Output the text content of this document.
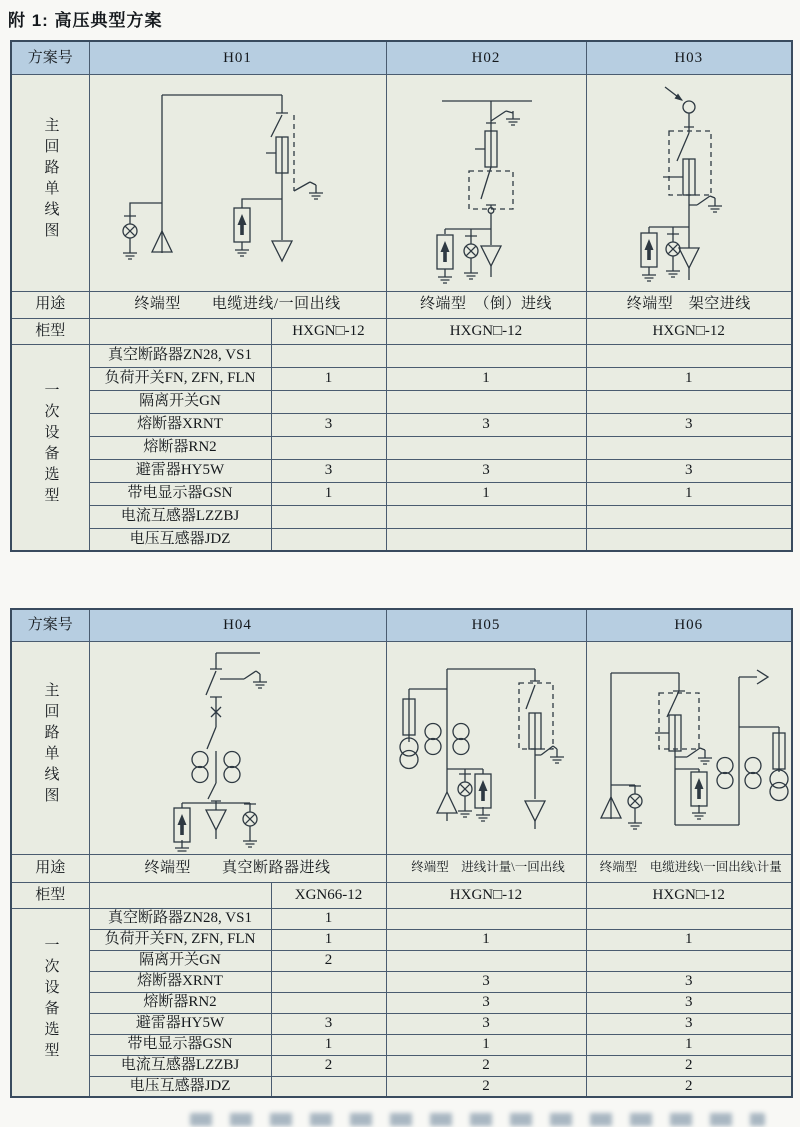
附 1: 高压典型方案
方案号	H01		H02	H03
主回路单线图	

用途	终端型　　电缆进线/一回出线		终端型　（倒）进线	终端型　架空进线
柜型		HXGN□-12	HXGN□-12	HXGN□-12
一次设备选型	真空断路器ZN28, VS1			
	负荷开关FN, ZFN, FLN	1	1	1
	隔离开关GN			
	熔断器XRNT	3	3	3
	熔断器RN2			
	避雷器HY5W	3	3	3
	带电显示器GSN	1	1	1
	电流互感器LZZBJ			
	电压互感器JDZ			
方案号	H04		H05	H06
主回路单线图	

用途	终端型　　真空断路器进线		终端型　进线计量\一回出线	终端型　电缆进线\一回出线\计量
柜型		XGN66-12	HXGN□-12	HXGN□-12
一次设备选型	真空断路器ZN28, VS1	1		
	负荷开关FN, ZFN, FLN	1	1	1
	隔离开关GN	2		
	熔断器XRNT		3	3
	熔断器RN2		3	3
	避雷器HY5W	3	3	3
	带电显示器GSN	1	1	1
	电流互感器LZZBJ	2	2	2
	电压互感器JDZ		2	2
